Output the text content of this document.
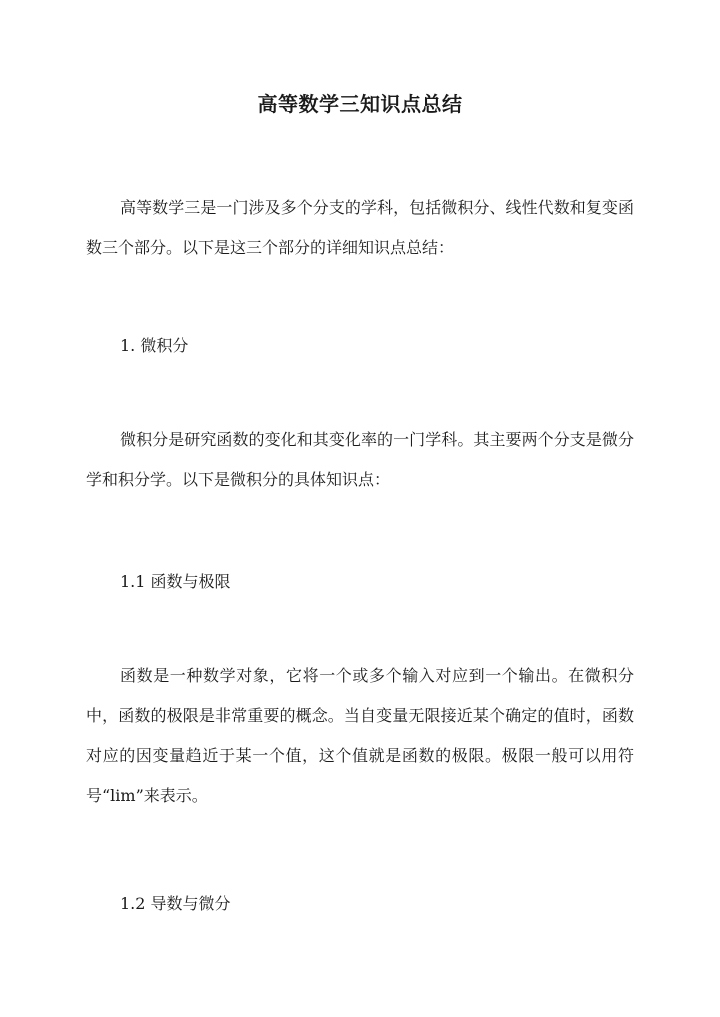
高等数学三知识点总结
高等数学三是一门涉及多个分支的学科，包括微积分、线性代数和复变函数三个部分。以下是这三个部分的详细知识点总结：
1. 微积分
微积分是研究函数的变化和其变化率的一门学科。其主要两个分支是微分学和积分学。以下是微积分的具体知识点：
1.1 函数与极限
函数是一种数学对象，它将一个或多个输入对应到一个输出。在微积分中，函数的极限是非常重要的概念。当自变量无限接近某个确定的值时，函数对应的因变量趋近于某一个值，这个值就是函数的极限。极限一般可以用符号“lim”来表示。
1.2 导数与微分
